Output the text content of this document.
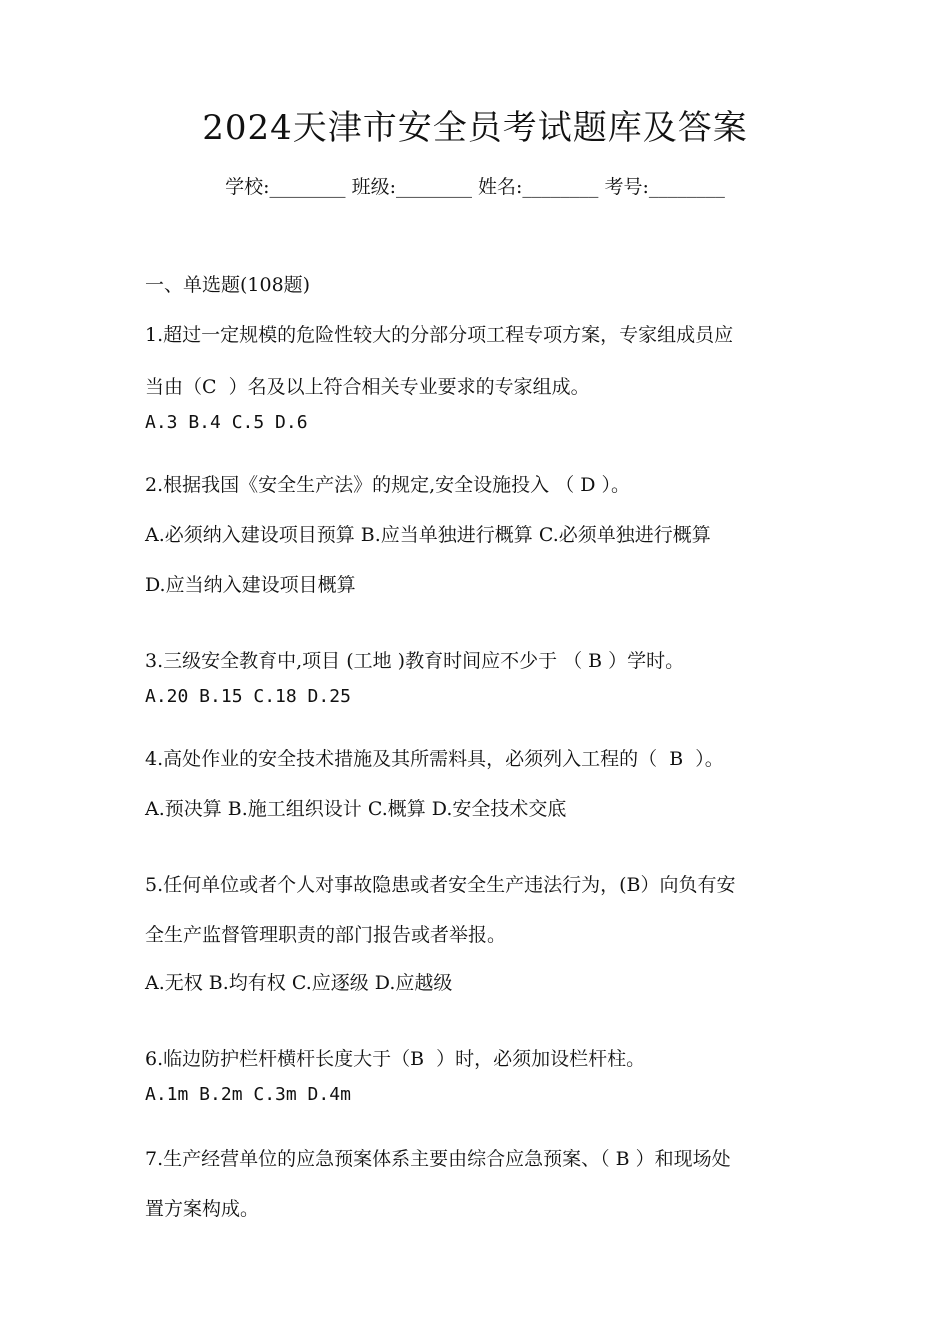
2024天津市安全员考试题库及答案
学校:________ 班级:________ 姓名:________ 考号:________
一、单选题(108题)
1.超过一定规模的危险性较大的分部分项工程专项方案，专家组成员应
当由（C  ）名及以上符合相关专业要求的专家组成。
A.3 B.4 C.5 D.6
2.根据我国《安全生产法》的规定,安全设施投入 （ D ）。
A.必须纳入建设项目预算 B.应当单独进行概算 C.必须单独进行概算
D.应当纳入建设项目概算
3.三级安全教育中,项目 (工地 )教育时间应不少于 （ B ）学时。
A.20 B.15 C.18 D.25
4.高处作业的安全技术措施及其所需料具，必须列入工程的（  B  ）。
A.预决算 B.施工组织设计 C.概算 D.安全技术交底
5.任何单位或者个人对事故隐患或者安全生产违法行为，(B）向负有安
全生产监督管理职责的部门报告或者举报。
A.无权 B.均有权 C.应逐级 D.应越级
6.临边防护栏杆横杆长度大于（B  ）时，必须加设栏杆柱。
A.1m B.2m C.3m D.4m
7.生产经营单位的应急预案体系主要由综合应急预案、（ B ）和现场处
置方案构成。
